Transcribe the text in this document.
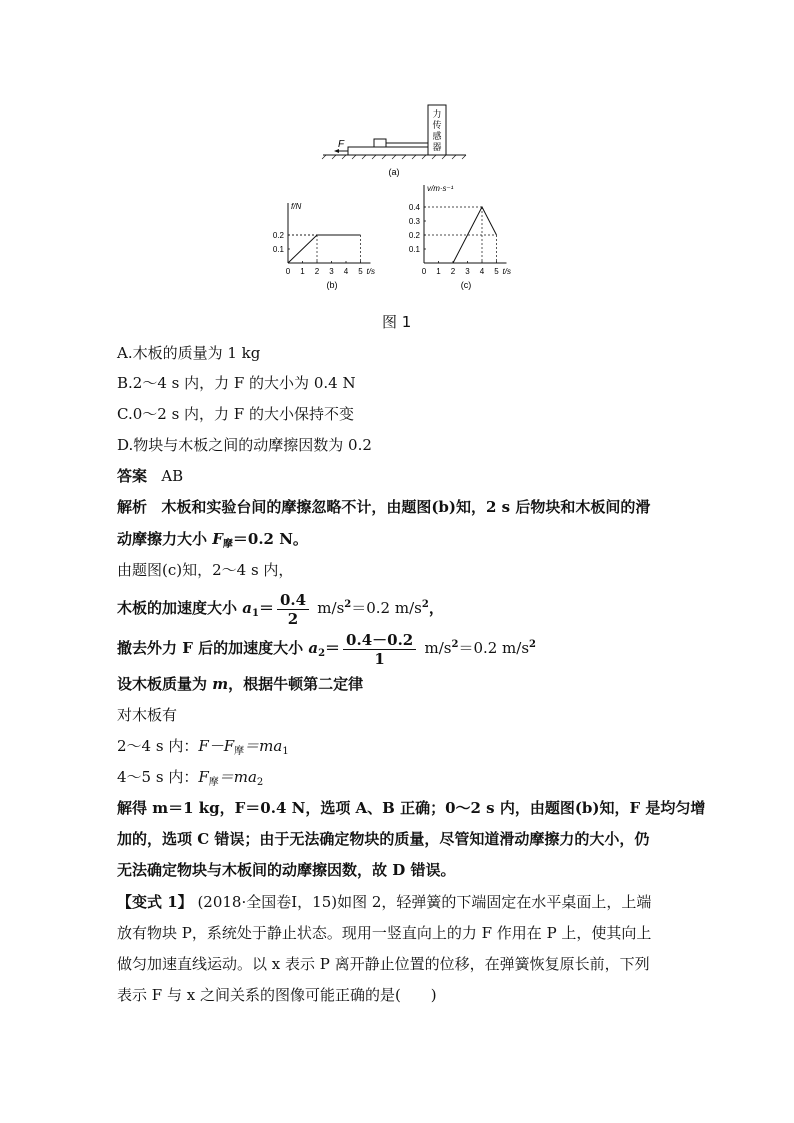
力
传
感
器
F
(a)
0 1 2 3 4 5
0.1
0.2
f/N
t/s
(b)
0 1 2 3 4 5
0.1
0.2
0.3
0.4
v/m·s⁻¹
t/s
(c)
图 1
A.木板的质量为 1 kg
B.2～4 s 内，力 F 的大小为 0.4 N
C.0～2 s 内，力 F 的大小保持不变
D.物块与木板之间的动摩擦因数为 0.2
答案 AB
解析 木板和实验台间的摩擦忽略不计，由题图(b)知，2 s 后物块和木板间的滑
动摩擦力大小 $F_摩=0.2$ N。
由题图(c)知，2～4 s 内，
木板的加速度大小 $a_1= \frac{0.4}{2} m/s^2=0.2$ $m/s^2$，
撤去外力 F 后的加速度大小 $a_2= \frac{0.4-0.2}{1} m/s^2=0.2$ $m/s^2$
设木板质量为 m，根据牛顿第二定律
对木板有
2～4 s 内：$F-F_摩=ma_1$
4～5 s 内：$F_摩=ma_2$
解得 m＝1 kg，F＝0.4 N，选项 A、B 正确；0～2 s 内，由题图(b)知，F 是均匀增
加的，选项 C 错误；由于无法确定物块的质量，尽管知道滑动摩擦力的大小，仍
无法确定物块与木板间的动摩擦因数，故 D 错误。
【变式 1】 (2018·全国卷Ⅰ，15)如图 2，轻弹簧的下端固定在水平桌面上，上端
放有物块 P，系统处于静止状态。现用一竖直向上的力 F 作用在 P 上，使其向上
做匀加速直线运动。以 x 表示 P 离开静止位置的位移，在弹簧恢复原长前，下列
表示 F 与 x 之间关系的图像可能正确的是(　　)
